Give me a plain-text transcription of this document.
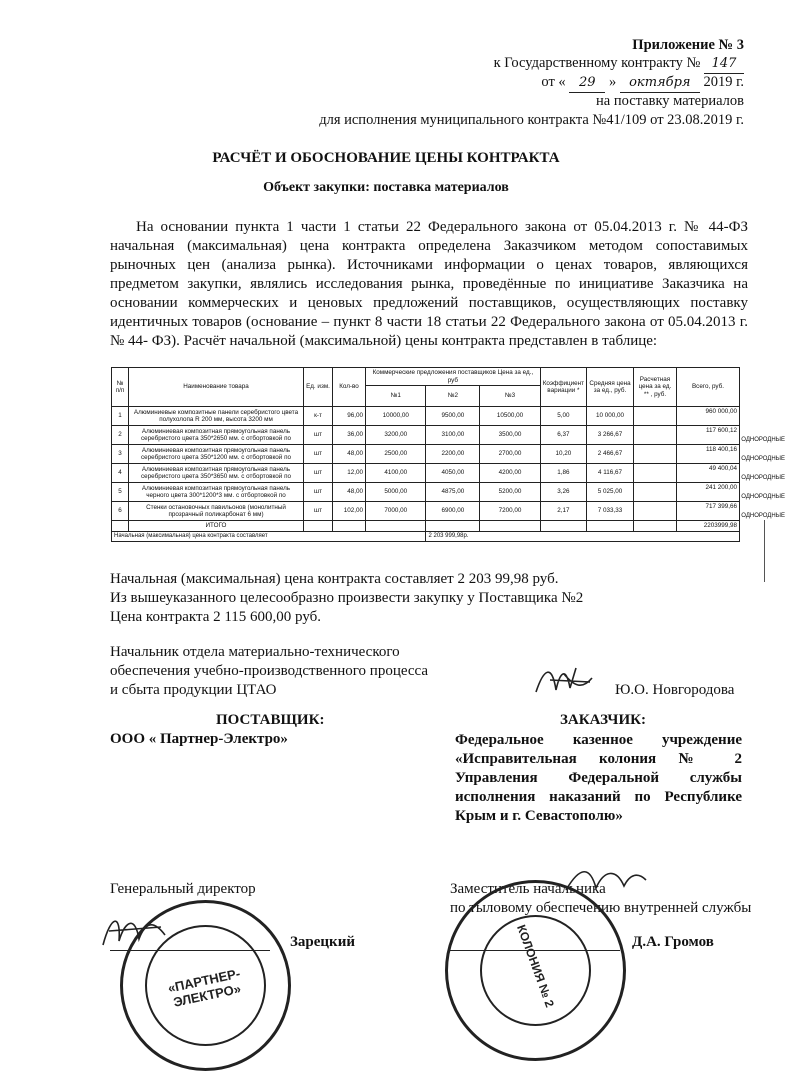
Приложение № 3
к Государственному контракту № 147
от « 29 » октября 2019 г.
на поставку материалов
для исполнения муниципального контракта №41/109 от 23.08.2019 г.
РАСЧЁТ И ОБОСНОВАНИЕ ЦЕНЫ КОНТРАКТА
Объект закупки: поставка материалов
На основании пункта 1 части 1 статьи 22 Федерального закона от 05.04.2013 г. № 44-ФЗ начальная (максимальная) цена контракта определена Заказчиком методом сопоставимых рыночных цен (анализа рынка). Источниками информации о ценах товаров, являющихся предметом закупки, являлись исследования рынка, проведённые по инициативе Заказчика на основании коммерческих и ценовых предложений поставщиков, осуществляющих поставку идентичных товаров (основание – пункт 8 части 18 статьи 22 Федерального закона от 05.04.2013 г. № 44- ФЗ). Расчёт начальной (максимальной) цены контракта представлен в таблице:
№ п/п	Наименование товара	Ед. изм.	Кол-во	Коммерческие предложения поставщиков Цена за ед., руб			Коэффициент вариации *	Средняя цена за ед., руб.	Расчетная цена за ед. ** , руб.	Всего, руб.
				№1	№2	№3				
1	Алюминиевые композитные панели серебристого цвета полухолопа R 200 мм, высота 3200 мм	к-т	96,00	10000,00	9500,00	10500,00	5,00	10 000,00		960 000,00

2	Алюминиевая композитная прямоугольная панель серебристого цвета 350*2650 мм. с отбортовкой по	шт	36,00	3200,00	3100,00	3500,00	6,37	3 266,67		117 600,12
ОДНОРОДНЫЕ

3	Алюминиевая композитная прямоугольная панель серебристого цвета 350*1200 мм. с отбортовкой по	шт	48,00	2500,00	2200,00	2700,00	10,20	2 466,67		118 400,16
ОДНОРОДНЫЕ

4	Алюминиевая композитная прямоугольная панель серебристого цвета 350*3650 мм. с отбортовкой по	шт	12,00	4100,00	4050,00	4200,00	1,86	4 116,67		49 400,04
ОДНОРОДНЫЕ

5	Алюминиевая композитная прямоугольная панель черного цвета 300*1200*3 мм. с отбортовкой по	шт	48,00	5000,00	4875,00	5200,00	3,26	5 025,00		241 200,00
ОДНОРОДНЫЕ

6	Стенки остановочных павильонов (монолитный прозрачный поликарбонат 6 мм)	шт	102,00	7000,00	6900,00	7200,00	2,17	7 033,33		717 399,66
ОДНОРОДНЫЕ

	ИТОГО									2203999,98
Начальная (максимальная) цена контракта составляет					2 203 999,98р.					
Начальная (максимальная) цена контракта составляет 2 203 99,98 руб.
Из вышеуказанного целесообразно произвести закупку у Поставщика №2
Цена контракта 2 115 600,00 руб.
Начальник отдела материально-технического
обеспечения учебно-производственного процесса
и сбыта продукции ЦТАО	Ю.О. Новгородова
ПОСТАВЩИК:
ООО « Партнер-Электро»
ЗАКАЗЧИК:
Федеральное казенное учреждение «Исправительная колония № 2 Управления Федеральной службы исполнения наказаний по Республике Крым и г. Севастополю»
Генеральный директор
Зарецкий
Заместитель начальника
по тыловому обеспечению внутренней службы
Д.А. Громов
«ПАРТНЕР-ЭЛЕКТРО»	КОЛОНИЯ № 2
